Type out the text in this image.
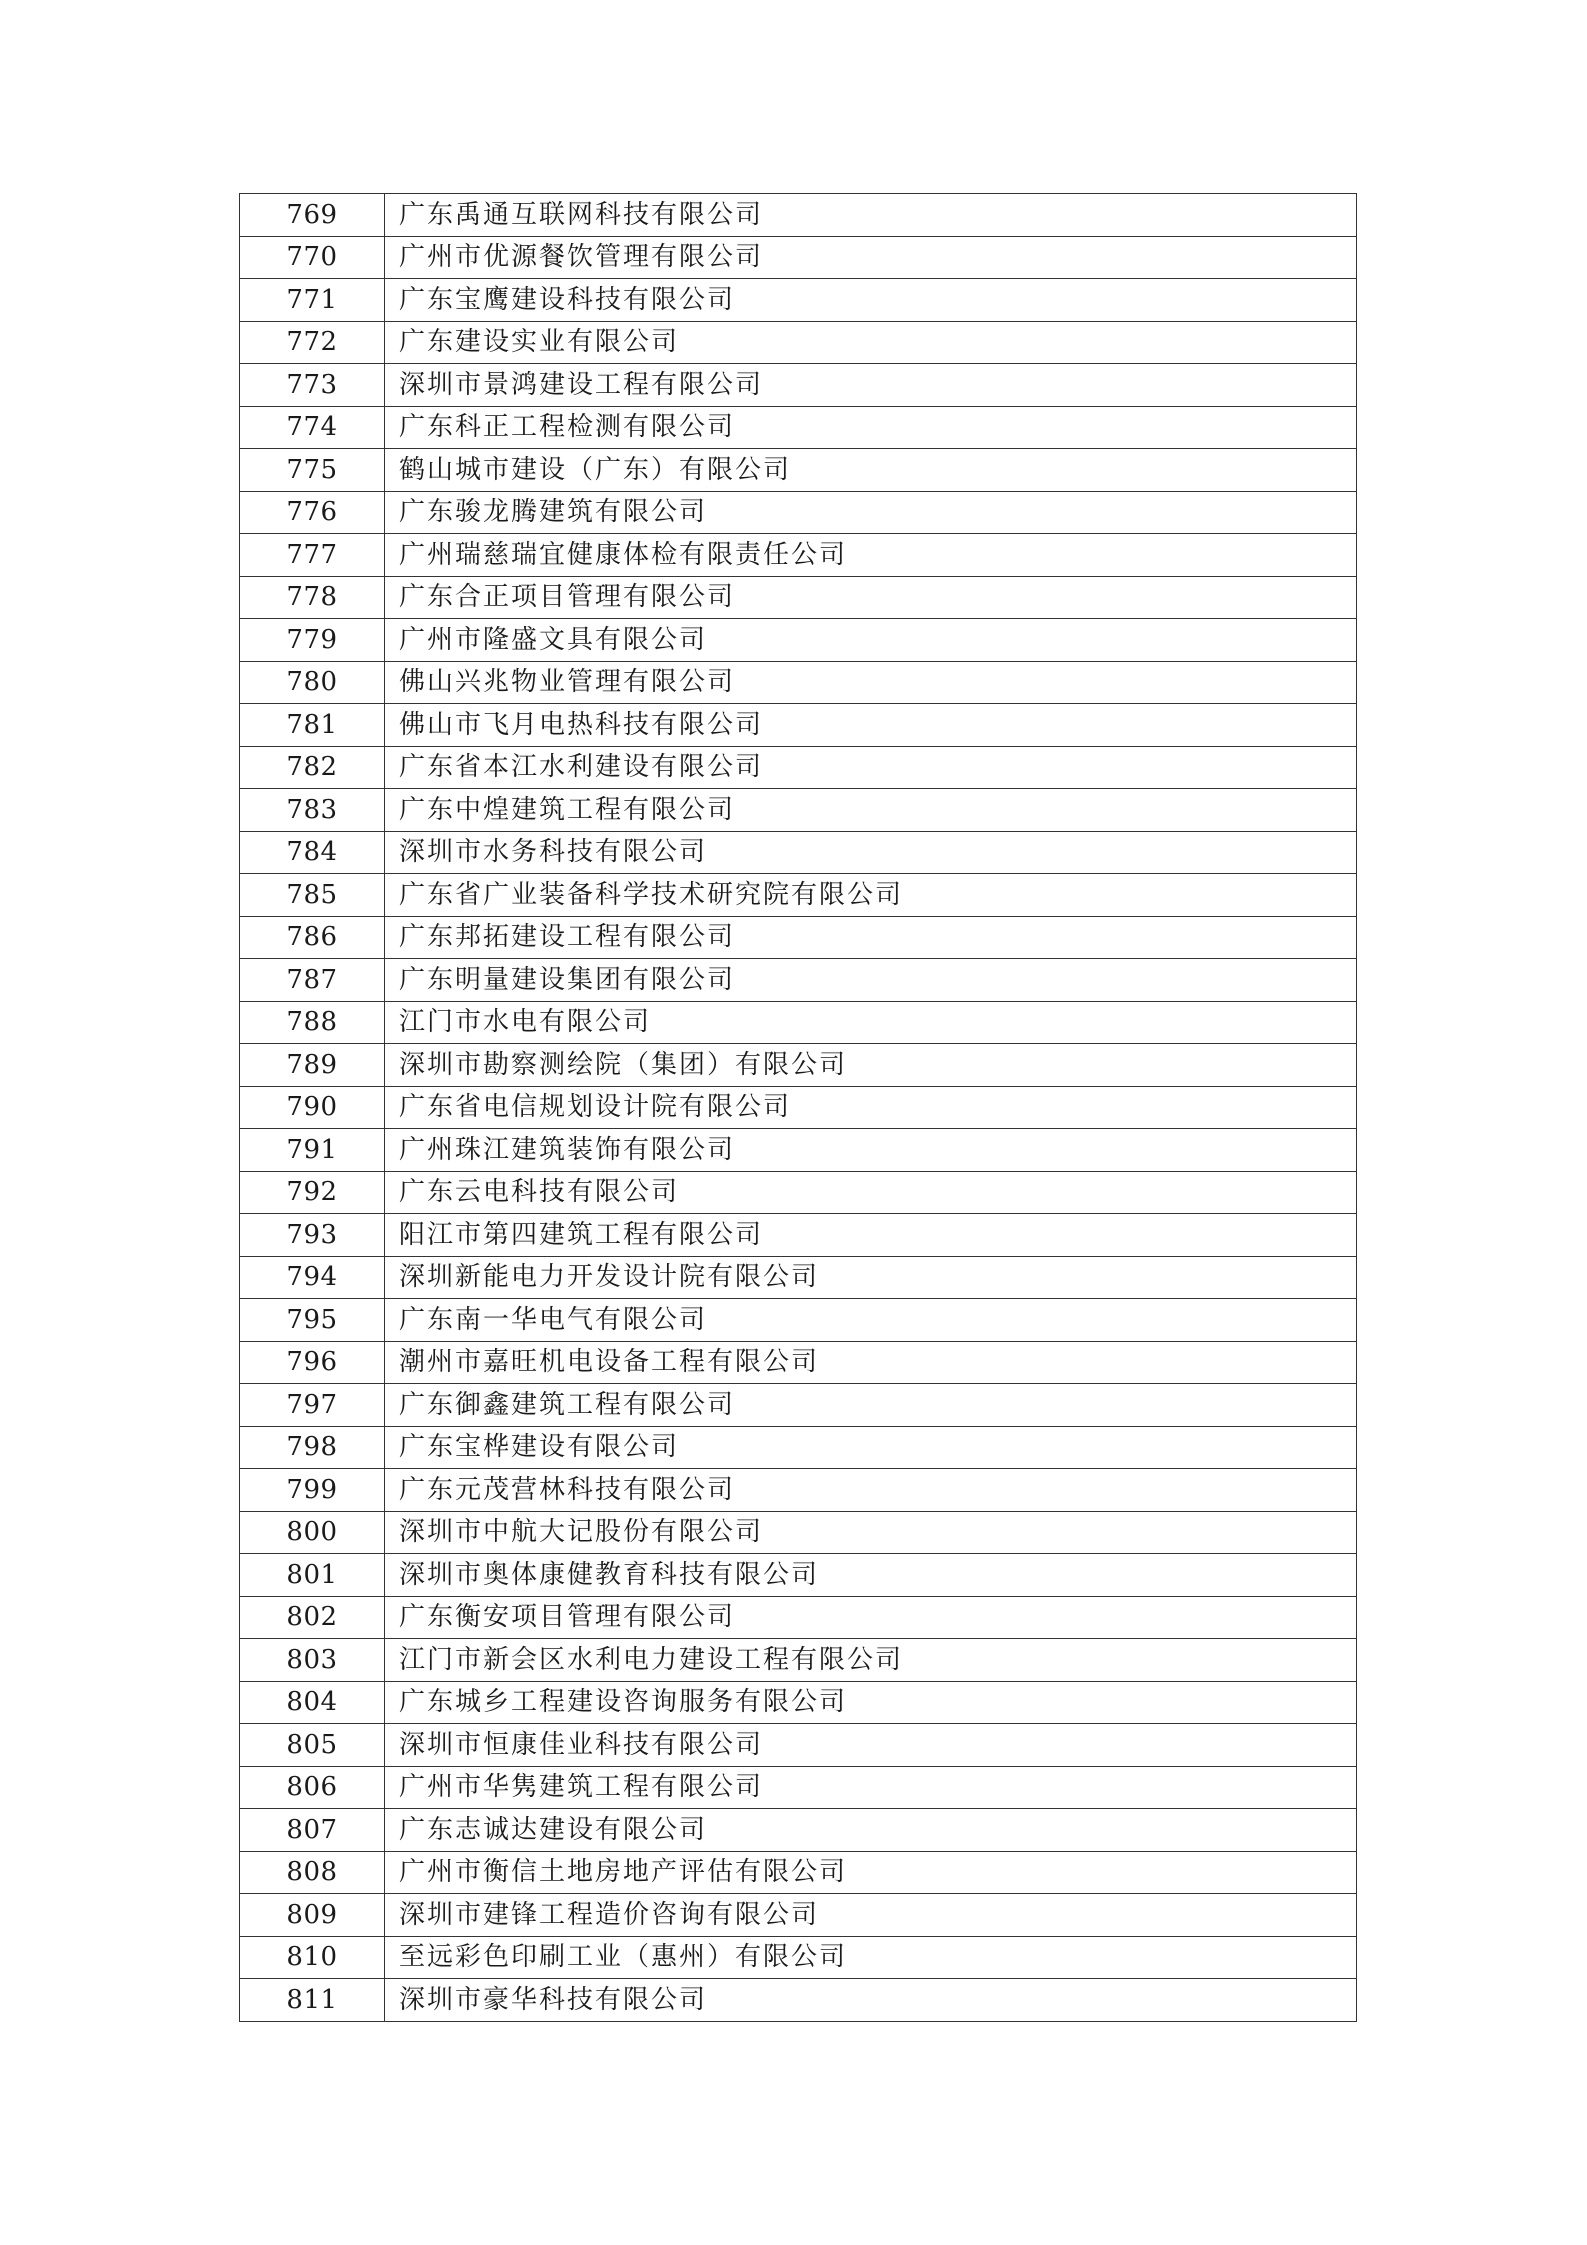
769	广东禹通互联网科技有限公司
770	广州市优源餐饮管理有限公司
771	广东宝鹰建设科技有限公司
772	广东建设实业有限公司
773	深圳市景鸿建设工程有限公司
774	广东科正工程检测有限公司
775	鹤山城市建设（广东）有限公司
776	广东骏龙腾建筑有限公司
777	广州瑞慈瑞宜健康体检有限责任公司
778	广东合正项目管理有限公司
779	广州市隆盛文具有限公司
780	佛山兴兆物业管理有限公司
781	佛山市飞月电热科技有限公司
782	广东省本江水利建设有限公司
783	广东中煌建筑工程有限公司
784	深圳市水务科技有限公司
785	广东省广业装备科学技术研究院有限公司
786	广东邦拓建设工程有限公司
787	广东明量建设集团有限公司
788	江门市水电有限公司
789	深圳市勘察测绘院（集团）有限公司
790	广东省电信规划设计院有限公司
791	广州珠江建筑装饰有限公司
792	广东云电科技有限公司
793	阳江市第四建筑工程有限公司
794	深圳新能电力开发设计院有限公司
795	广东南一华电气有限公司
796	潮州市嘉旺机电设备工程有限公司
797	广东御鑫建筑工程有限公司
798	广东宝桦建设有限公司
799	广东元茂营林科技有限公司
800	深圳市中航大记股份有限公司
801	深圳市奥体康健教育科技有限公司
802	广东衡安项目管理有限公司
803	江门市新会区水利电力建设工程有限公司
804	广东城乡工程建设咨询服务有限公司
805	深圳市恒康佳业科技有限公司
806	广州市华隽建筑工程有限公司
807	广东志诚达建设有限公司
808	广州市衡信土地房地产评估有限公司
809	深圳市建锋工程造价咨询有限公司
810	至远彩色印刷工业（惠州）有限公司
811	深圳市豪华科技有限公司
